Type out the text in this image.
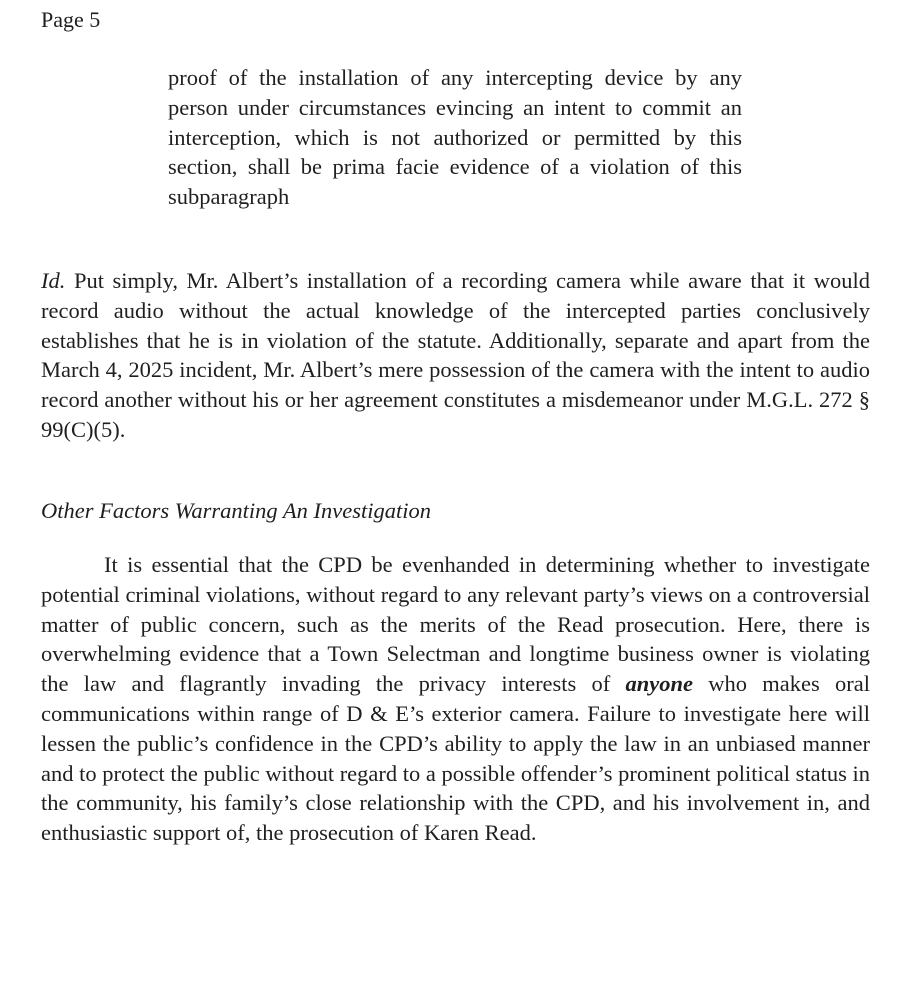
Page 5

proof of the installation of any intercepting device by any person under circumstances evincing an intent to commit an interception, which is not authorized or permitted by this section, shall be prima facie evidence of a violation of this subparagraph

Id. Put simply, Mr. Albert’s installation of a recording camera while aware that it would record audio without the actual knowledge of the intercepted parties conclusively establishes that he is in violation of the statute. Additionally, separate and apart from the March 4, 2025 incident, Mr. Albert’s mere possession of the camera with the intent to audio record another without his or her agreement constitutes a misdemeanor under M.G.L. 272 § 99(C)(5).

Other Factors Warranting An Investigation

It is essential that the CPD be evenhanded in determining whether to investigate potential criminal violations, without regard to any relevant party’s views on a controversial matter of public concern, such as the merits of the Read prosecution. Here, there is overwhelming evidence that a Town Selectman and longtime business owner is violating the law and flagrantly invading the privacy interests of anyone who makes oral communications within range of D & E’s exterior camera. Failure to investigate here will lessen the public’s confidence in the CPD’s ability to apply the law in an unbiased manner and to protect the public without regard to a possible offender’s prominent political status in the community, his family’s close relationship with the CPD, and his involvement in, and enthusiastic support of, the prosecution of Karen Read.
